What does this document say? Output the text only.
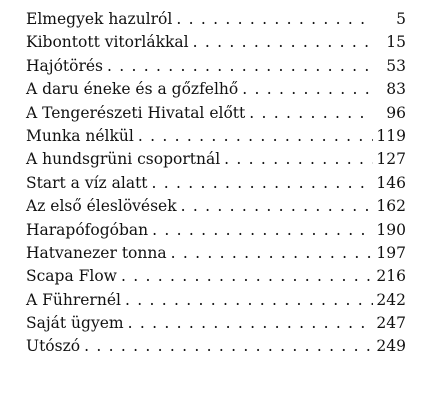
Elmegyek hazulról . . .	5
Kibontott vitorlákkal . . .	15
Hajótörés . . .	53
A daru éneke és a gőzfelhő . . .	83
A Tengerészeti Hivatal előtt . . .	96
Munka nélkül . . .	119
A hundsgrüni csoportnál . . .	127
Start a víz alatt . . .	146
Az első éleslövések . . .	162
Harapófogóban . . .	190
Hatvanezer tonna . . .	197
Scapa Flow . . .	216
A Führernél . . .	242
Saját ügyem . . .	247
Utószó . . .	249
